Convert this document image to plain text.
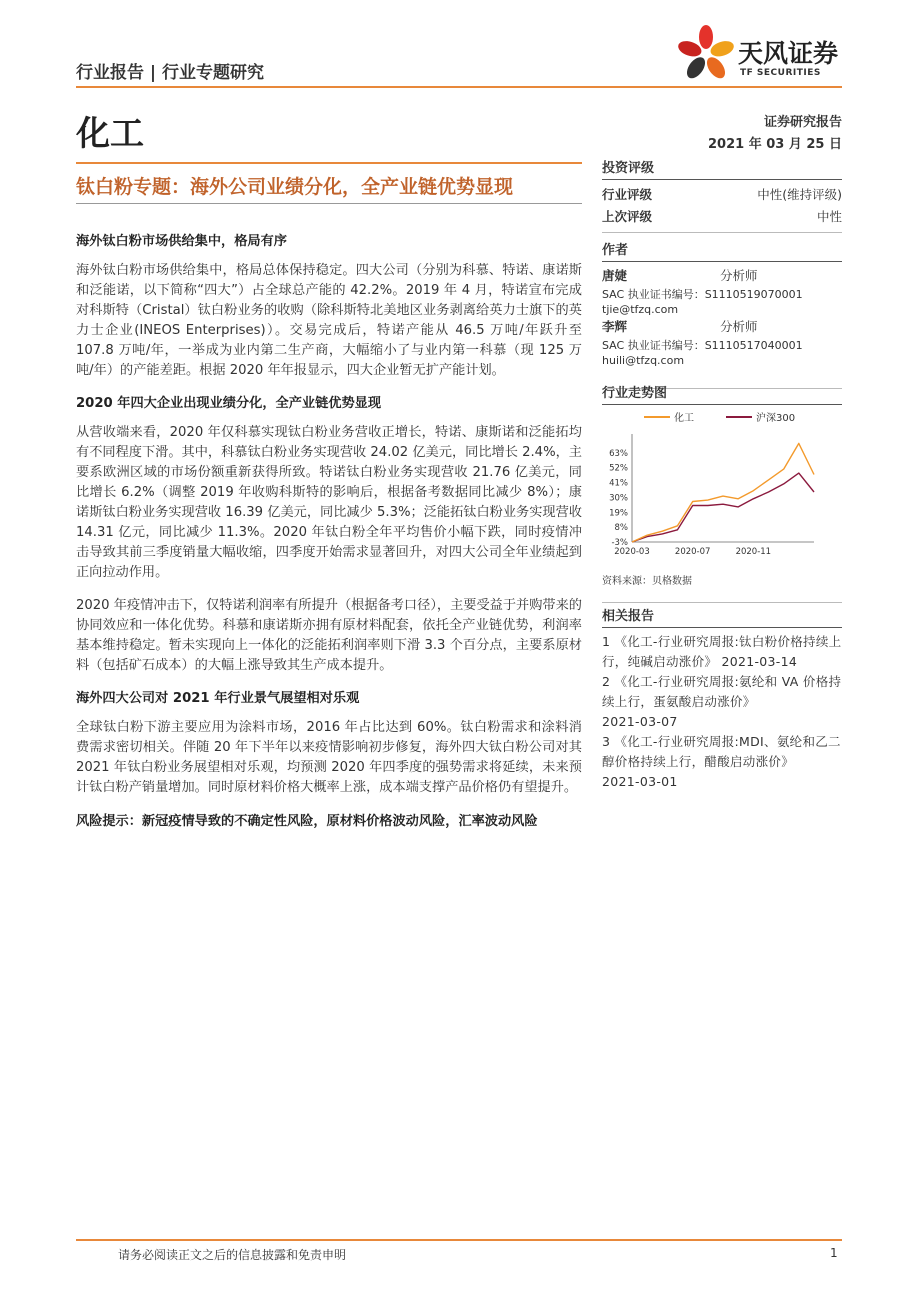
行业报告 | 行业专题研究
天风证券
TF SECURITIES
化工	证券研究报告
2021 年 03 月 25 日
钛白粉专题：海外公司业绩分化，全产业链优势显现
海外钛白粉市场供给集中，格局有序

海外钛白粉市场供给集中，格局总体保持稳定。四大公司（分别为科慕、特诺、康诺斯和泛能诺，以下简称“四大”）占全球总产能的 42.2%。2019 年 4 月，特诺宣布完成对科斯特（Cristal）钛白粉业务的收购（除科斯特北美地区业务剥离给英力士旗下的英力士企业(INEOS Enterprises)）。交易完成后，特诺产能从 46.5 万吨/年跃升至 107.8 万吨/年，一举成为业内第二生产商，大幅缩小了与业内第一科慕（现 125 万吨/年）的产能差距。根据 2020 年年报显示，四大企业暂无扩产能计划。

2020 年四大企业出现业绩分化，全产业链优势显现

从营收端来看，2020 年仅科慕实现钛白粉业务营收正增长，特诺、康斯诺和泛能拓均有不同程度下滑。其中，科慕钛白粉业务实现营收 24.02 亿美元，同比增长 2.4%，主要系欧洲区域的市场份额重新获得所致。特诺钛白粉业务实现营收 21.76 亿美元，同比增长 6.2%（调整 2019 年收购科斯特的影响后，根据备考数据同比减少 8%）；康诺斯钛白粉业务实现营收 16.39 亿美元，同比减少 5.3%；泛能拓钛白粉业务实现营收 14.31 亿元，同比减少 11.3%。2020 年钛白粉全年平均售价小幅下跌，同时疫情冲击导致其前三季度销量大幅收缩，四季度开始需求显著回升，对四大公司全年业绩起到正向拉动作用。

2020 年疫情冲击下，仅特诺利润率有所提升（根据备考口径），主要受益于并购带来的协同效应和一体化优势。科慕和康诺斯亦拥有原材料配套，依托全产业链优势，利润率基本维持稳定。暂未实现向上一体化的泛能拓利润率则下滑 3.3 个百分点，主要系原材料（包括矿石成本）的大幅上涨导致其生产成本提升。

海外四大公司对 2021 年行业景气展望相对乐观

全球钛白粉下游主要应用为涂料市场，2016 年占比达到 60%。钛白粉需求和涂料消费需求密切相关。伴随 20 年下半年以来疫情影响初步修复，海外四大钛白粉公司对其 2021 年钛白粉业务展望相对乐观，均预测 2020 年四季度的强势需求将延续，未来预计钛白粉产销量增加。同时原材料价格大概率上涨，成本端支撑产品价格仍有望提升。

风险提示：新冠疫情导致的不确定性风险，原材料价格波动风险，汇率波动风险

投资评级
行业评级	中性(维持评级)
上次评级	中性
作者
唐婕	分析师
SAC 执业证书编号：S1110519070001
tjie@tfzq.com
李辉	分析师
SAC 执业证书编号：S1110517040001
huili@tfzq.com
行业走势图
化工	沪深300
-3%
8%
19%
30%
41%
52%
63%
2020-03	2020-07	2020-11
资料来源：贝格数据
相关报告
1 《化工-行业研究周报:钛白粉价格持续上行，纯碱启动涨价》 2021-03-14
2 《化工-行业研究周报:氨纶和 VA 价格持续上行，蛋氨酸启动涨价》
2021-03-07
3 《化工-行业研究周报:MDI、氨纶和乙二醇价格持续上行，醋酸启动涨价》
2021-03-01
请务必阅读正文之后的信息披露和免责申明	1
